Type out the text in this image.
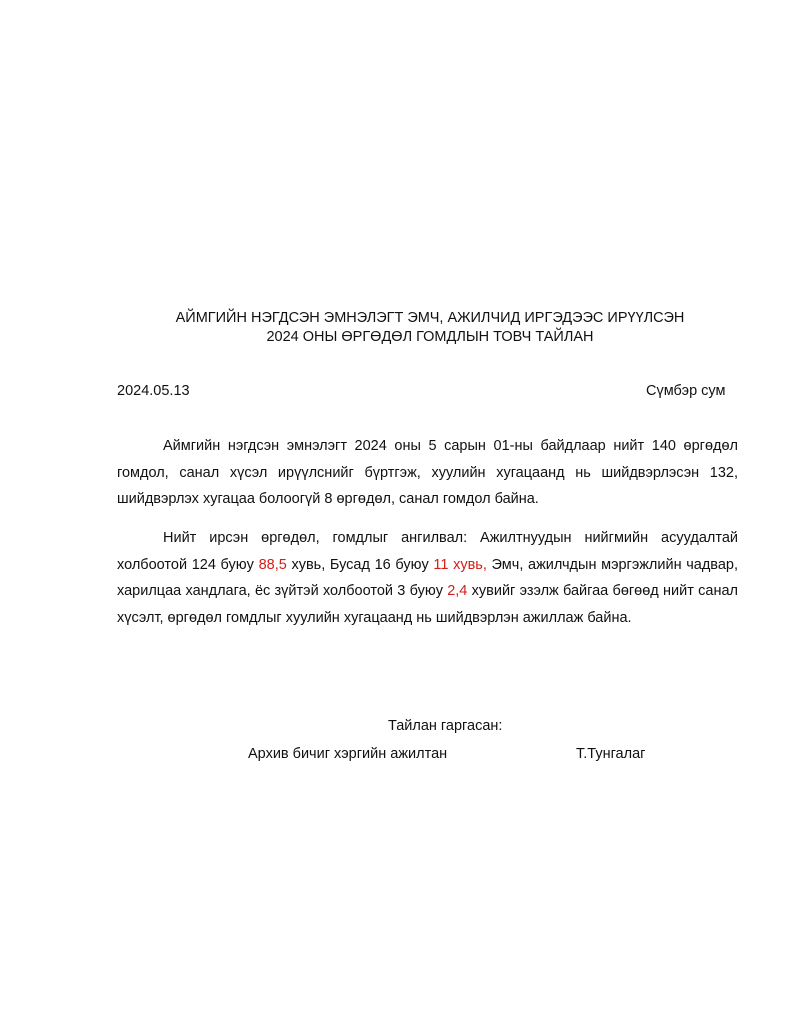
АЙМГИЙН НЭГДСЭН ЭМНЭЛЭГТ ЭМЧ, АЖИЛЧИД ИРГЭДЭЭС ИРҮҮЛСЭН
2024 ОНЫ ӨРГӨДӨЛ ГОМДЛЫН ТОВЧ ТАЙЛАН
2024.05.13	Сүмбэр сум

Аймгийн нэгдсэн эмнэлэгт 2024 оны 5 сарын 01-ны байдлаар нийт 140 өргөдөл гомдол, санал хүсэл ирүүлснийг бүртгэж, хуулийн хугацаанд нь шийдвэрлэсэн 132, шийдвэрлэх хугацаа болоогүй 8 өргөдөл, санал гомдол байна.

Нийт ирсэн өргөдөл, гомдлыг ангилвал: Ажилтнуудын нийгмийн асуудалтай холбоотой 124 буюу 88,5 хувь, Бусад 16 буюу 11 хувь, Эмч, ажилчдын мэргэжлийн чадвар, харилцаа хандлага, ёс зүйтэй холбоотой 3 буюу 2,4 хувийг эзэлж байгаа бөгөөд нийт санал хүсэлт, өргөдөл гомдлыг хуулийн хугацаанд нь шийдвэрлэн ажиллаж байна.

Тайлан гаргасан:
Архив бичиг хэргийн ажилтан	Т.Тунгалаг
